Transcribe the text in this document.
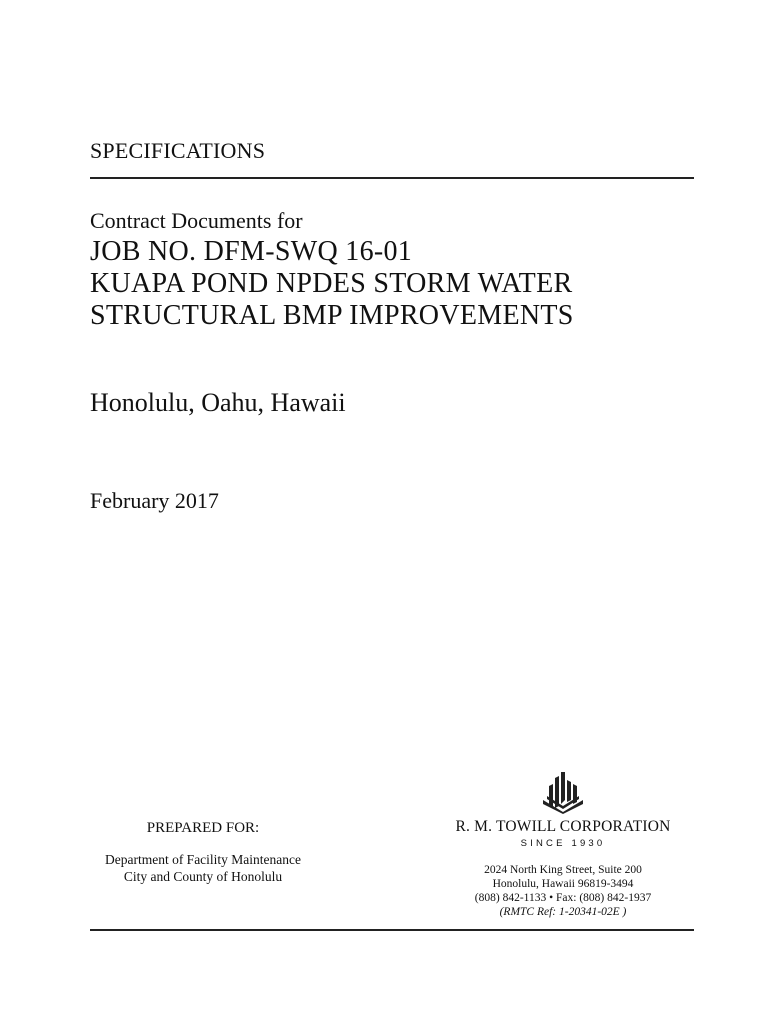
SPECIFICATIONS
Contract Documents for
JOB NO. DFM-SWQ 16-01
KUAPA POND NPDES STORM WATER
STRUCTURAL BMP IMPROVEMENTS
Honolulu, Oahu, Hawaii
February 2017
PREPARED FOR:
Department of Facility Maintenance
City and County of Honolulu
R. M. TOWILL CORPORATION
SINCE 1930
2024 North King Street, Suite 200
Honolulu, Hawaii 96819-3494
(808) 842-1133 • Fax: (808) 842-1937
(RMTC Ref: 1-20341-02E )
